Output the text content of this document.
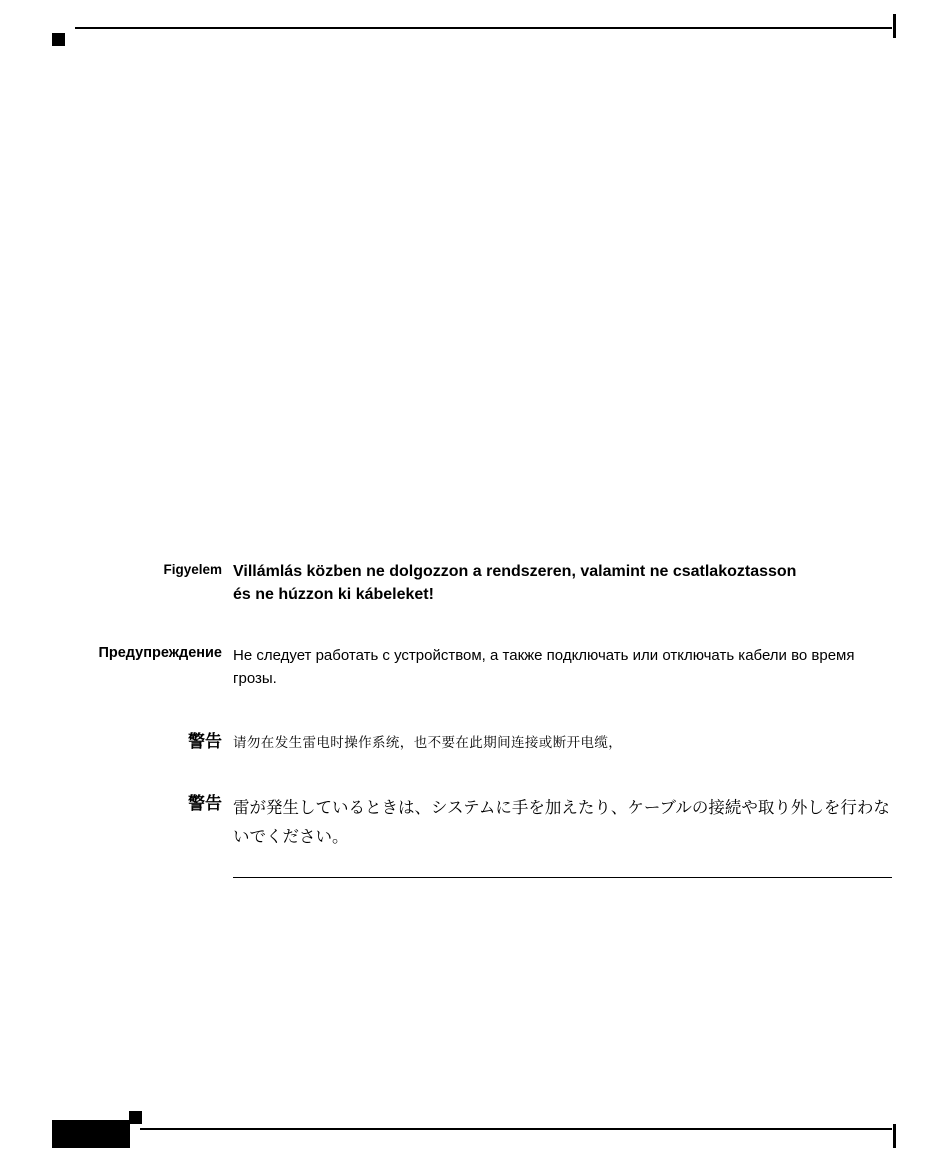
Figyelem Villámlás közben ne dolgozzon a rendszeren, valamint ne csatlakoztasson és ne húzzon ki kábeleket!
Предупреждение Не следует работать с устройством, а также подключать или отключать кабели во время грозы.
警告 请勿在发生雷电时操作系统，也不要在此期间连接或断开电缆，
警告 雷が発生しているときは、システムに手を加えたり、ケーブルの接続や取り外しを行わないでください。
